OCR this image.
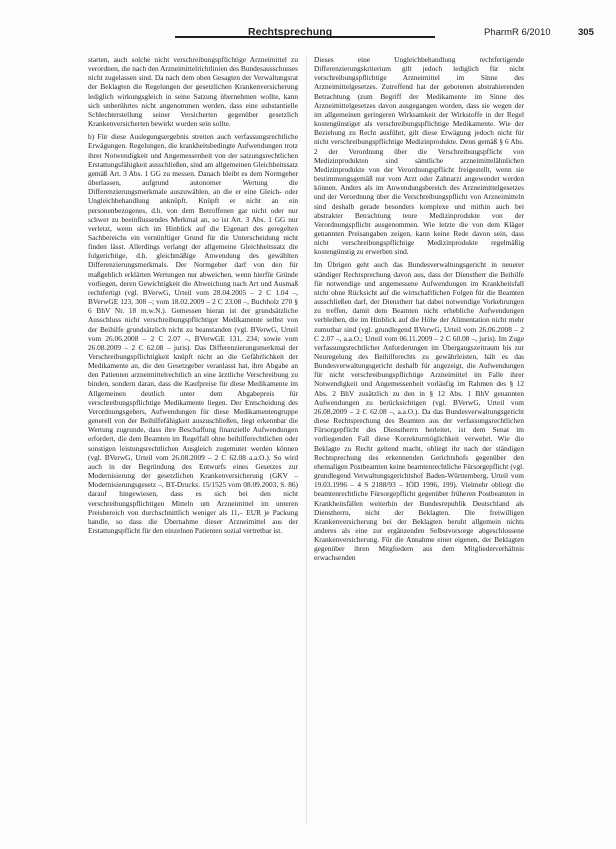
Rechtsprechung	PharmR 6/2010	305

starten, auch solche nicht verschreibungspflichtige Arzneimittel zu verordnen, die nach den Arzneimittelrichtlinien des Bundesausschusses nicht zugelassen sind. Da nach dem oben Gesagten der Verwaltungsrat der Beklagten die Regelungen der gesetzlichen Krankenversicherung lediglich wirkungsgleich in seine Satzung übernehmen wollte, kann sich unberührtes nicht angenommen werden, dass eine substantielle Schlechterstellung seiner Versicherten gegenüber gesetzlich Krankenversicherten bewirkt worden sein sollte.

b) Für diese Auslegungsergebnis streiten auch verfassungsrechtliche Erwägungen. Regelungen, die krankheitsbedingte Aufwendungen trotz ihrer Notwendigkeit und Angemessenheit von der satzungsrechtlichen Erstattungsfähigkeit ausschließen, sind am allgemeinen Gleichheitssatz gemäß Art. 3 Abs. 1 GG zu messen. Danach bleibt es dem Normgeber überlassen, aufgrund autonomer Wertung die Differenzierungsmerkmale auszuwählen, an die er eine Gleich- oder Ungleichbehandlung anknüpft. Knüpft er nicht an ein personenbezogenes, d.h. von dem Betroffenen gar nicht oder nur schwer zu beeinflussendes Merkmal an, so ist Art. 3 Abs. 1 GG nur verletzt, wenn sich im Hinblick auf die Eigenart des geregelten Sachbereichs ein vernünftiger Grund für die Unterscheidung nicht finden lässt. Allerdings verlangt der allgemeine Gleichheitssatz die folgerichtige, d.h. gleichmäßige Anwendung des gewählten Differenzierungsmerkmals. Der Normgeber darf von den für maßgeblich erklärten Wertungen nur abweichen, wenn hierfür Gründe vorliegen, deren Gewichtigkeit die Abweichung nach Art und Ausmaß rechtfertigt (vgl. BVerwG, Urteil vom 28.04.2005 – 2 C 1.04 –, BVerwGE 123, 308 –; vom 18.02.2009 – 2 C 23.08 –, Buchholz 270 § 6 BhV Nr. 18 m.w.N.). Gemessen hieran ist der grundsätzliche Ausschluss nicht verschreibungspflichtiger Medikamente selbst von der Beihilfe grundsätzlich nicht zu beanstanden (vgl. BVerwG, Urteil vom 26.06.2008 – 2 C 2.07 –, BVerwGE 131, 234; sowie vom 26.08.2009 – 2 C 62.08 – juris). Das Differenzierungsmerkmal der Verschreibungspflichtigkeit knüpft nicht an die Gefährlichkeit der Medikamente an, die den Gesetzgeber veranlasst hat, ihre Abgabe an den Patienten arzneimittelrechtlich an eine ärztliche Verschreibung zu binden, sondern daran, dass die Kaufpreise für diese Medikamente im Allgemeinen deutlich unter dem Abgabepreis für verschreibungspflichtige Medikamente liegen. Der Entscheidung des Verordnungsgebers, Aufwendungen für diese Medikamentengruppe generell von der Beihilfefähigkeit auszuschließen, liegt erkennbar die Wertung zugrunde, dass ihre Beschaffung finanzielle Aufwendungen erfordert, die dem Beamten im Regelfall ohne beihilferechtlichen oder sonstigen leistungsrechtlichen Ausgleich zugemutet werden können (vgl. BVerwG, Urteil vom 26.08.2009 – 2 C 62.08 a.a.O.). So wird auch in der Begründung des Entwurfs eines Gesetzes zur Modernisierung der gesetzlichen Krankenversicherung (GKV – Modernisierungsgesetz –, BT-Drucks. 15/1525 vom 08.09.2003, S. 86) darauf hingewiesen, dass es sich bei den nicht verschreibungspflichtigen Mitteln um Arzneimittel im unteren Preisbereich von durchschnittlich weniger als 11,– EUR je Packung handle, so dass die Übernahme dieser Arzneimittel aus der Erstattungspflicht für den einzelnen Patienten sozial vertretbar ist.

Dieses eine Ungleichbehandlung rechtfertigende Differenzierungskriterium gilt jedoch lediglich für nicht verschreibungspflichtige Arzneimittel im Sinne des Arzneimittelgesetzes. Zutreffend hat der gebotenen abstrahierenden Betrachtung (zum Begriff der Medikamente im Sinne des Arzneimittelgesetzes davon ausgegangen worden, dass sie wegen der im allgemeinen geringeren Wirksamkeit der Wirkstoffe in der Regel kostengünstiger als verschreibungspflichtige Medikamente. Wie der Beziehung zu Recht ausführt, gilt diese Erwägung jedoch nicht für nicht verschreibungspflichtige Medizinprodukte. Denn gemäß § 6 Abs. 2 der Verordnung über die Verschreibungspflicht von Medizinprodukten sind sämtliche arzneimittelähnlichen Medizinprodukte von der Verordnungspflicht freigestellt, wenn sie bestimmungsgemäß nur vom Arzt oder Zahnarzt angewendet werden können. Anders als im Anwendungsbereich des Arzneimittelgesetzes und der Verordnung über die Verschreibungspflicht von Arzneimitteln sind deshalb gerade besonders komplexe und mithin auch bei abstrakter Betrachtung teure Medizinprodukte von der Verordnungspflicht ausgenommen. Wie letzte die von dem Kläger genannten Preisangaben zeigen, kann keine Rede davon sein, dass nicht verschreibungspflichtige Medizinprodukte regelmäßig kostengünstig zu erwerben sind.

Im Übrigen geht auch das Bundesverwaltungsgericht in neuerer ständiger Rechtsprechung davon aus, dass der Dienstherr die Beihilfe für notwendige und angemessene Aufwendungen im Krankheitsfall nicht ohne Rücksicht auf die wirtschaftlichen Folgen für die Beamten ausschließen darf, der Dienstherr hat dabei notwendige Vorkehrungen zu treffen, damit dem Beamten nicht erhebliche Aufwendungen verbleiben, die im Hinblick auf die Höhe der Alimentation nicht mehr zumutbar sind (vgl. grundlegend BVerwG, Urteil vom 26.06.2008 – 2 C 2.07 –, a.a.O.; Urteil vom 06.11.2009 – 2 C 60.08 –, juris). Im Zuge verfassungsrechtlicher Anforderungen im Übergangszeitraum bis zur Neuregelung des Beihilferechts zu gewährleisten, hält es das Bundesverwaltungsgericht deshalb für angezeigt, die Aufwendungen für nicht verschreibungspflichtige Arzneimittel im Falle ihrer Notwendigkeit und Angemessenheit vorläufig im Rahmen des § 12 Abs. 2 BhV zusätzlich zu den in § 12 Abs. 1 BhV genannten Aufwendungen zu berücksichtigen (vgl. BVerwG, Urteil vom 26.08.2009 – 2 C 62.08 –, a.a.O.). Da das Bundesverwaltungsgericht diese Rechtsprechung des Beamten aus der verfassungsrechtlichen Fürsorgepflicht des Dienstherrn herleitet, ist dem Senat im vorliegenden Fall diese Korrekturmöglichkeit verwehrt. Wie die Beklagte zu Recht geltend macht, obliegt ihr nach der ständigen Rechtsprechung des erkennenden Gerichtshofs gegenüber den ehemaligen Postbeamten keine beamtenrechtliche Fürsorgepflicht (vgl. grundlegend Verwaltungsgerichtshof Baden-Württemberg, Urteil vom 19.03.1996 – 4 S 2188/93 – IÖD 1996, 199). Vielmehr obliegt die beamtenrechtliche Fürsorgepflicht gegenüber früheren Postbeamten in Krankheitsfällen weiterhin der Bundesrepublik Deutschland als Dienstherrn, nicht der Beklagten. Die freiwilligen Krankenversicherung bei der Beklagten beruht allgemein nichts anderes als eine zur ergänzenden Selbstvorsorge abgeschlossene Krankenversicherung. Für die Annahme einer eigenen, der Beklagten gegenüber ihren Mitgliedern aus dem Mitgliederverhältnis erwachsenden
